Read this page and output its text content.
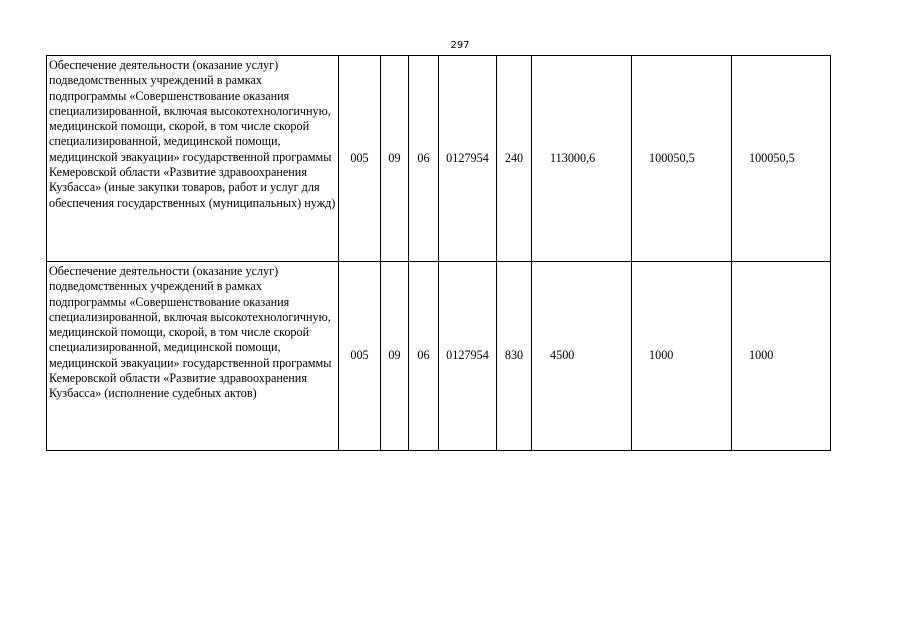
297
Обеспечение деятельности (оказание услуг) подведомственных учреждений в рамках подпрограммы «Совершенствование оказания специализированной, включая высокотехнологичную, медицинской помощи, скорой, в том числе скорой специализированной, медицинской помощи, медицинской эвакуации» государственной программы Кемеровской области «Развитие здравоохранения Кузбасса» (иные закупки товаров, работ и услуг для обеспечения государственных (муниципальных) нужд)	005	09	06	0127954	240	113000,6	100050,5	100050,5
Обеспечение деятельности (оказание услуг) подведомственных учреждений в рамках подпрограммы «Совершенствование оказания специализированной, включая высокотехнологичную, медицинской помощи, скорой, в том числе скорой специализированной, медицинской помощи, медицинской эвакуации» государственной программы Кемеровской области «Развитие здравоохранения Кузбасса» (исполнение судебных актов)	005	09	06	0127954	830	4500	1000	1000
